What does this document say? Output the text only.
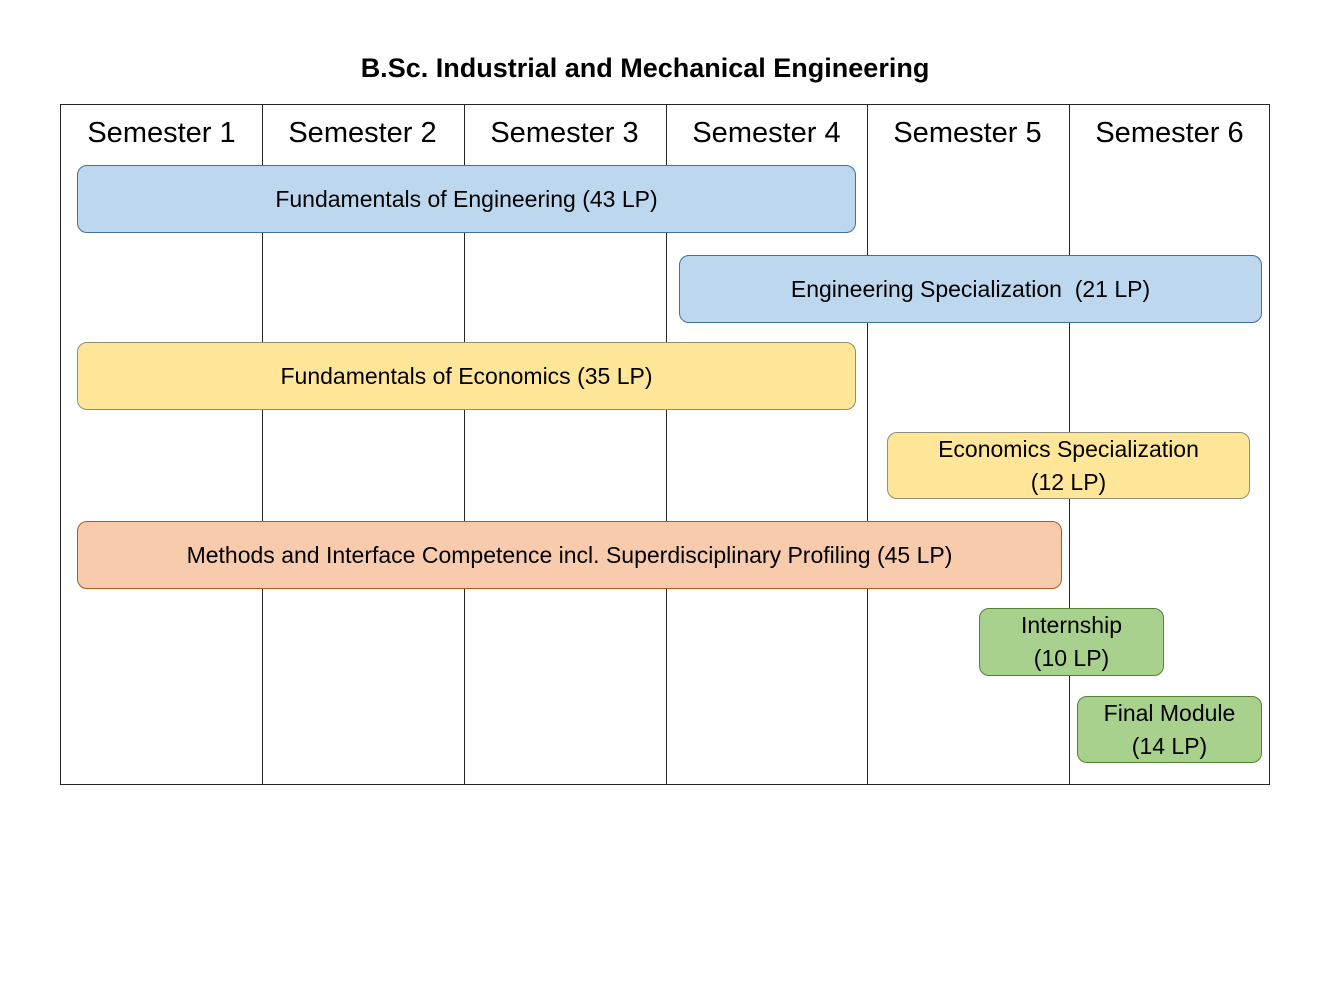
B.Sc. Industrial and Mechanical Engineering
Semester 1	Semester 2	Semester 3	Semester 4	Semester 5	Semester 6
Fundamentals of Engineering (43 LP)
Engineering Specialization  (21 LP)
Fundamentals of Economics (35 LP)
Economics Specialization
(12 LP)
Methods and Interface Competence incl. Superdisciplinary Profiling (45 LP)
Internship
(10 LP)
Final Module
(14 LP)
